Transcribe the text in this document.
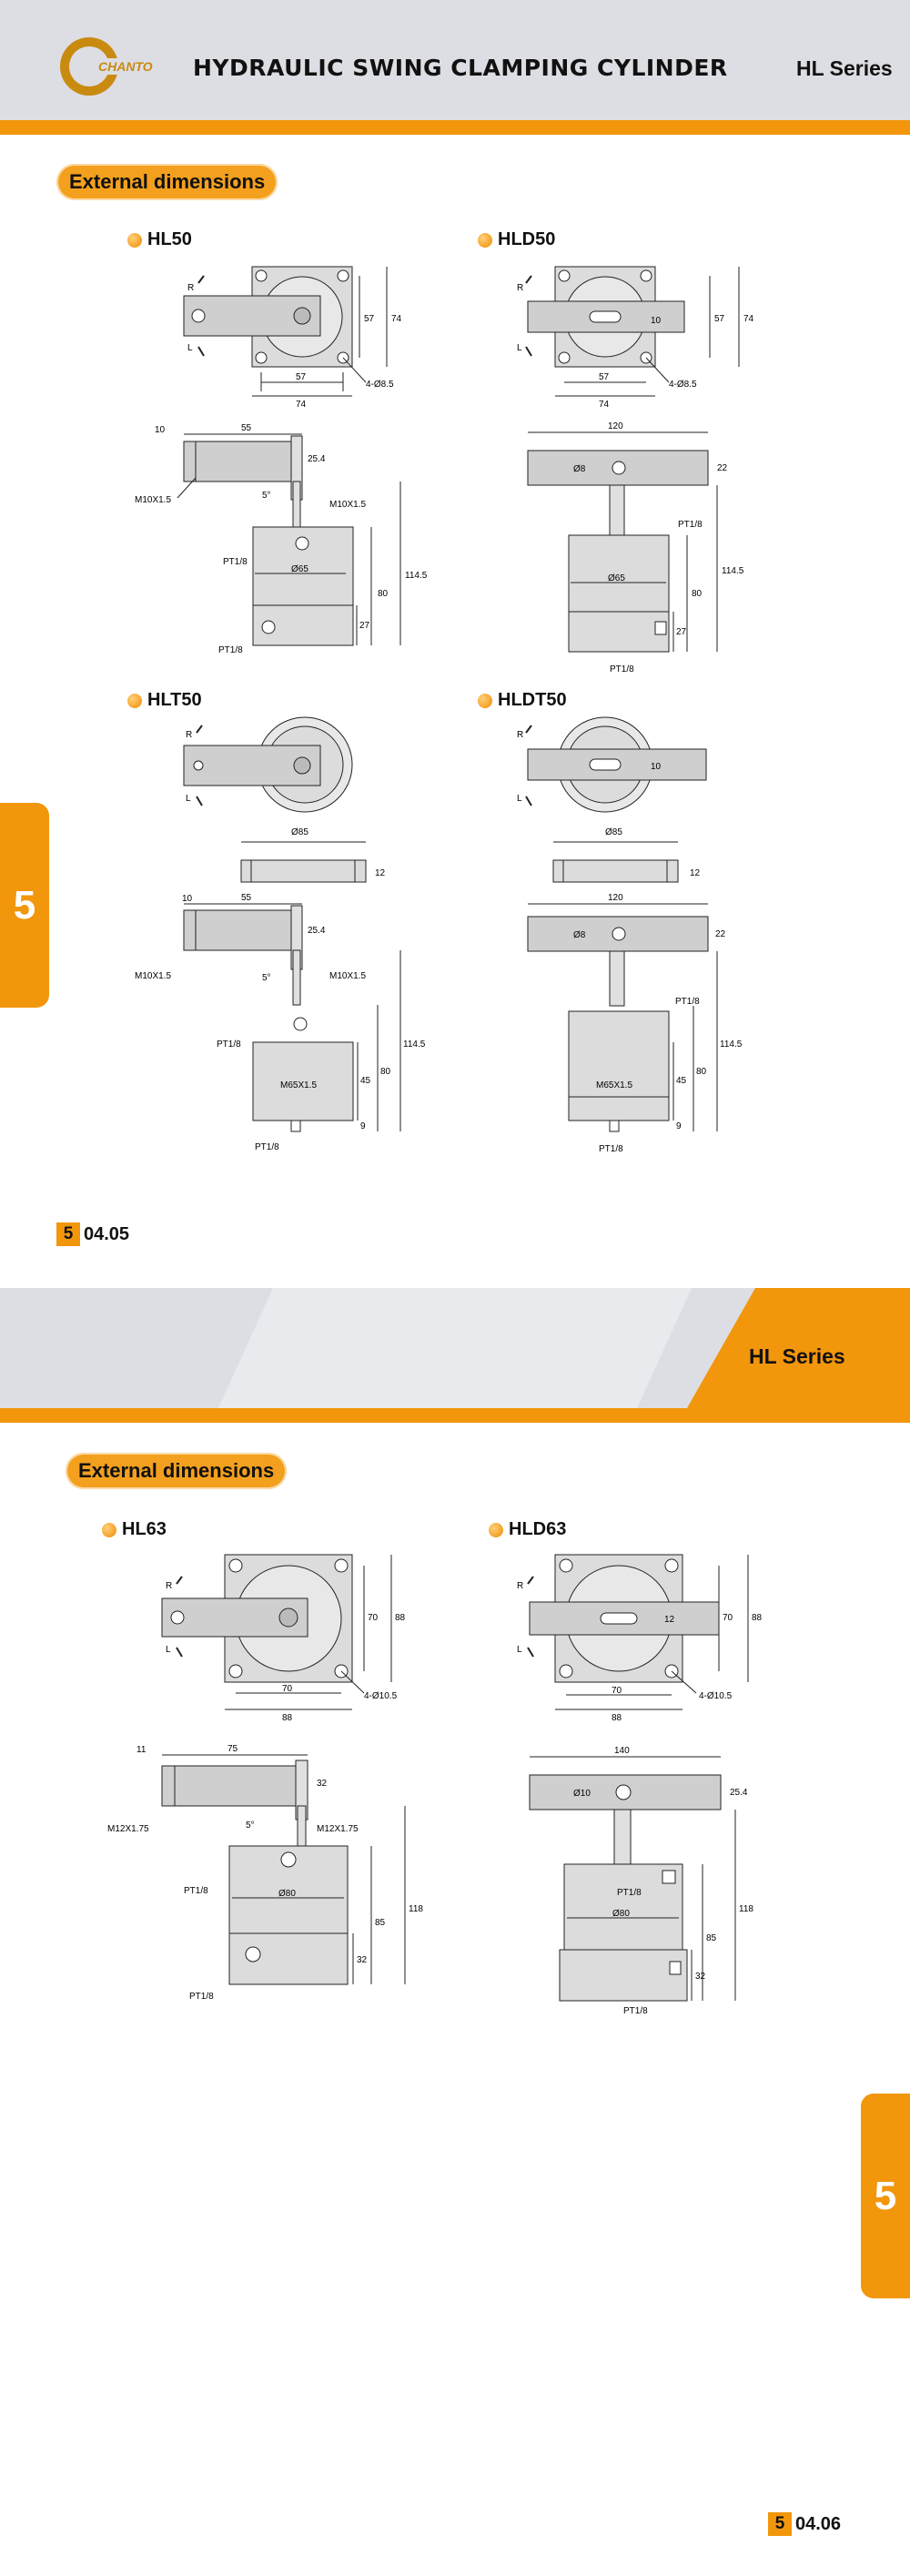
CHANTO HYDRAULIC SWING CLAMPING CYLINDER	HL Series
External dimensions
HL50	HLD50
HLT50	HLDT50
R
L
57
74
57 74
4-Ø8.5
10	55
25.4
M10X1.5	M10X1.5
5°
PT1/8
Ø65
PT1/8
80
114.5
27
R
L
10
57
74
57 74
4-Ø8.5
120
Ø8	22
PT1/8
Ø65
PT1/8
80
114.5
27
R
L
Ø85
12
10	55
25.4
M10X1.5	M10X1.5
5°
PT1/8
M65X1.5
PT1/8
45
80
114.5
9
R
L
10
Ø85
12
120
Ø8	22
PT1/8
M65X1.5
PT1/8
45
80
114.5
9
5
5 04.05
HL Series
External dimensions
HL63	HLD63
R
L
70
88
70 88
4-Ø10.5
11	75
32
M12X1.75	M12X1.75
5°
PT1/8	Ø80
PT1/8
85
118
32
R
L
12
70
88
70 88
4-Ø10.5
140
Ø10	25.4
PT1/8
Ø80
PT1/8
85
118
32
5
5 04.06
